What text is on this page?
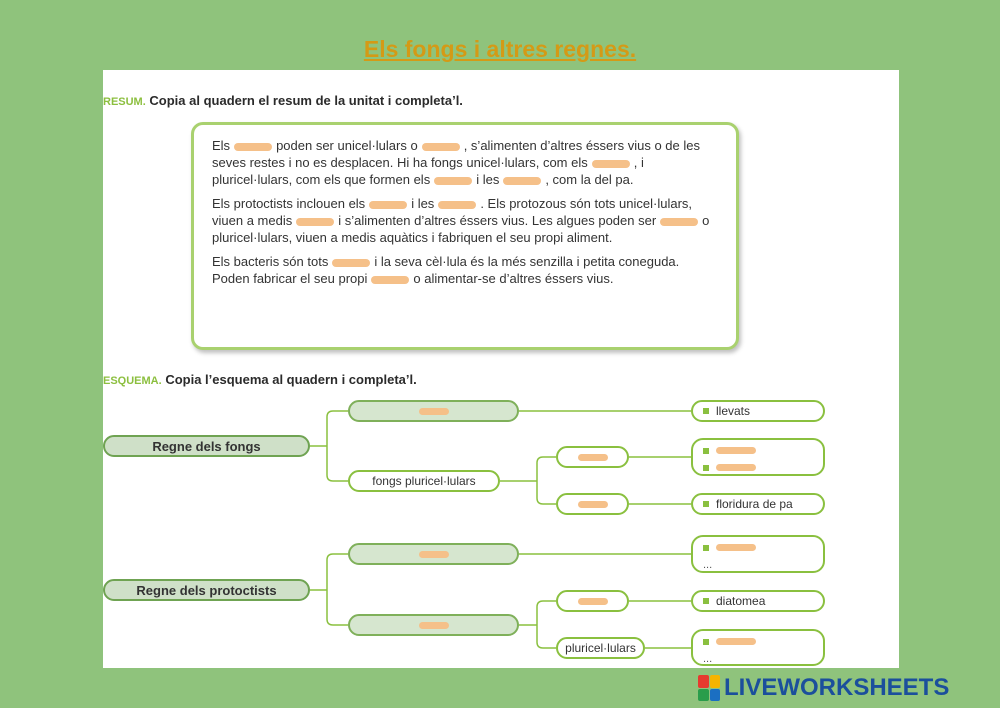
Els fongs i altres regnes.
RESUM. Copia al quadern el resum de la unitat i completa’l.

Els	poden ser unicel·lulars o	, s’alimenten d’altres éssers vius o de les seves restes i no es desplacen. Hi ha fongs unicel·lulars, com els	, i pluricel·lulars, com els que formen els	i les	, com la del pa.

Els protoctists inclouen els	i les	. Els protozous són tots unicel·lulars, viuen a medis	i s’alimenten d’altres éssers vius. Les algues poden ser	o pluricel·lulars, viuen a medis aquàtics i fabriquen el seu propi aliment.

Els bacteris són tots	i la seva cèl·lula és la més senzilla i petita coneguda. Poden fabricar el seu propi	o alimentar-se d’altres éssers vius.

ESQUEMA. Copia l’esquema al quadern i completa’l.
Regne dels fongs
llevats
fongs pluricel·lulars
floridura de pa
Regne dels protoctists
...
diatomea
pluricel·lulars
...
LIVEWORKSHEETS
